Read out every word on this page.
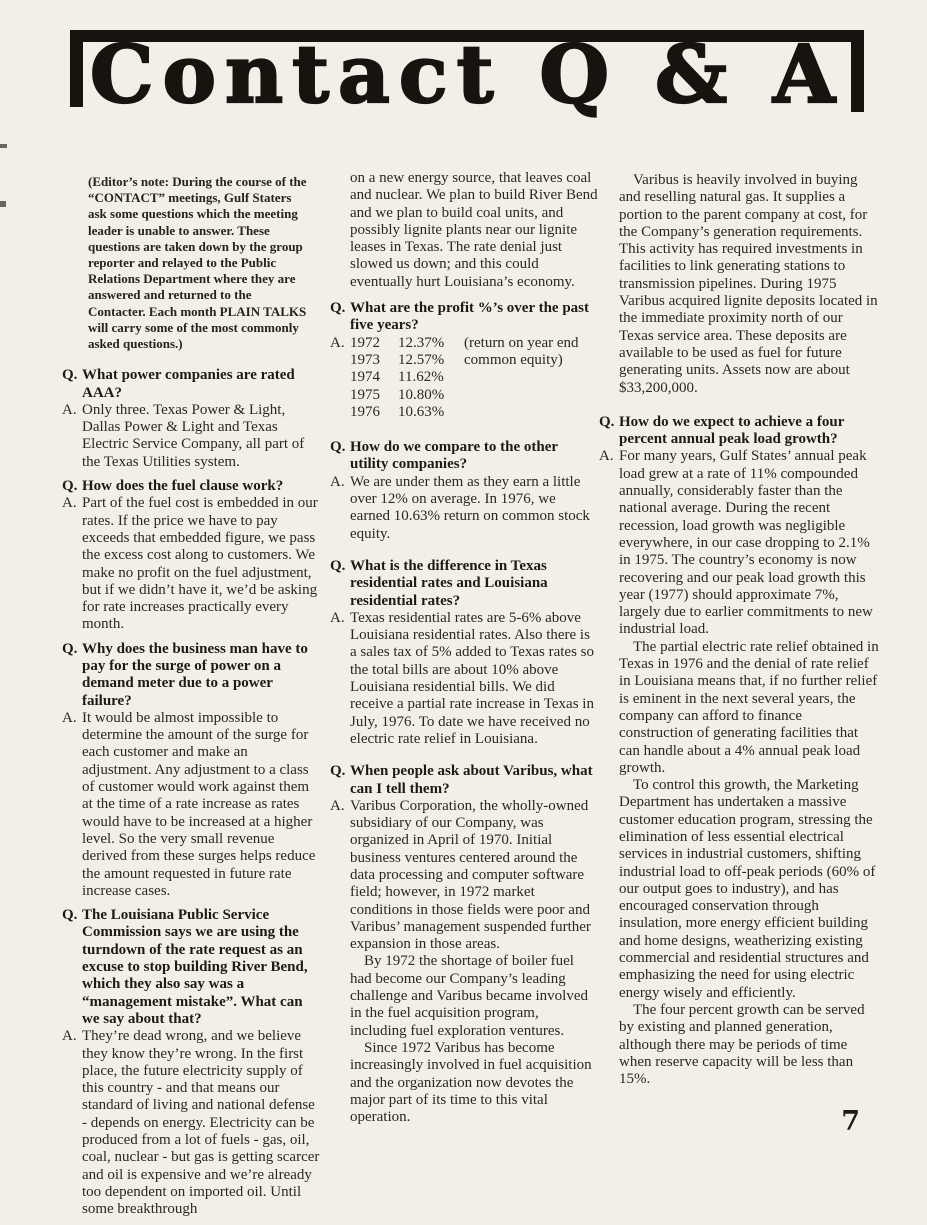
Contact Q & A

(Editor’s note: During the course of the “CONTACT” meetings, Gulf Staters ask some questions which the meeting leader is unable to answer. These questions are taken down by the group reporter and relayed to the Public Relations Department where they are answered and returned to the Contacter. Each month PLAIN TALKS will carry some of the most commonly asked questions.)

Q. What power companies are rated AAA?

A. Only three. Texas Power & Light, Dallas Power & Light and Texas Electric Service Company, all part of the Texas Utilities system.

Q. How does the fuel clause work?

A. Part of the fuel cost is embedded in our rates. If the price we have to pay exceeds that embedded figure, we pass the excess cost along to customers. We make no profit on the fuel adjustment, but if we didn’t have it, we’d be asking for rate increases practically every month.

Q. Why does the business man have to pay for the surge of power on a demand meter due to a power failure?

A. It would be almost impossible to determine the amount of the surge for each customer and make an adjustment. Any adjustment to a class of customer would work against them at the time of a rate increase as rates would have to be increased at a higher level. So the very small revenue derived from these surges helps reduce the amount requested in future rate increase cases.

Q. The Louisiana Public Service Commission says we are using the turndown of the rate request as an excuse to stop building River Bend, which they also say was a “management mistake”. What can we say about that?

A. They’re dead wrong, and we believe they know they’re wrong. In the first place, the future electricity supply of this country - and that means our standard of living and national defense - depends on energy. Electricity can be produced from a lot of fuels - gas, oil, coal, nuclear - but gas is getting scarcer and oil is expensive and we’re already too dependent on imported oil. Until some breakthrough

on a new energy source, that leaves coal and nuclear. We plan to build River Bend and we plan to build coal units, and possibly lignite plants near our lignite leases in Texas. The rate denial just slowed us down; and this could eventually hurt Louisiana’s economy.

Q. What are the profit %’s over the past five years?

A. 1972	12.37%	(return on year end
1973	12.57%	common equity)
1974	11.62%
1975	10.80%
1976	10.63%

Q. How do we compare to the other utility companies?

A. We are under them as they earn a little over 12% on average. In 1976, we earned 10.63% return on common stock equity.

Q. What is the difference in Texas residential rates and Louisiana residential rates?

A. Texas residential rates are 5-6% above Louisiana residential rates. Also there is a sales tax of 5% added to Texas rates so the total bills are about 10% above Louisiana residential bills. We did receive a partial rate increase in Texas in July, 1976. To date we have received no electric rate relief in Louisiana.

Q. When people ask about Varibus, what can I tell them?

A. Varibus Corporation, the wholly-owned subsidiary of our Company, was organized in April of 1970. Initial business ventures centered around the data processing and computer software field; however, in 1972 market conditions in those fields were poor and Varibus’ management suspended further expansion in those areas.

By 1972 the shortage of boiler fuel had become our Company’s leading challenge and Varibus became involved in the fuel acquisition program, including fuel exploration ventures.

Since 1972 Varibus has become increasingly involved in fuel acquisition and the organization now devotes the major part of its time to this vital operation.

Varibus is heavily involved in buying and reselling natural gas. It supplies a portion to the parent company at cost, for the Company’s generation requirements. This activity has required investments in facilities to link generating stations to transmission pipelines. During 1975 Varibus acquired lignite deposits located in the immediate proximity north of our Texas service area. These deposits are available to be used as fuel for future generating units. Assets now are about $33,200,000.

Q. How do we expect to achieve a four percent annual peak load growth?

A. For many years, Gulf States’ annual peak load grew at a rate of 11% compounded annually, considerably faster than the national average. During the recent recession, load growth was negligible everywhere, in our case dropping to 2.1% in 1975. The country’s economy is now recovering and our peak load growth this year (1977) should approximate 7%, largely due to earlier commitments to new industrial load.

The partial electric rate relief obtained in Texas in 1976 and the denial of rate relief in Louisiana means that, if no further relief is eminent in the next several years, the company can afford to finance construction of generating facilities that can handle about a 4% annual peak load growth.

To control this growth, the Marketing Department has undertaken a massive customer education program, stressing the elimination of less essential electrical services in industrial customers, shifting industrial load to off-peak periods (60% of our output goes to industry), and has encouraged conservation through insulation, more energy efficient building and home designs, weatherizing existing commercial and residential structures and emphasizing the need for using electric energy wisely and efficiently.

The four percent growth can be served by existing and planned generation, although there may be periods of time when reserve capacity will be less than 15%.

7
